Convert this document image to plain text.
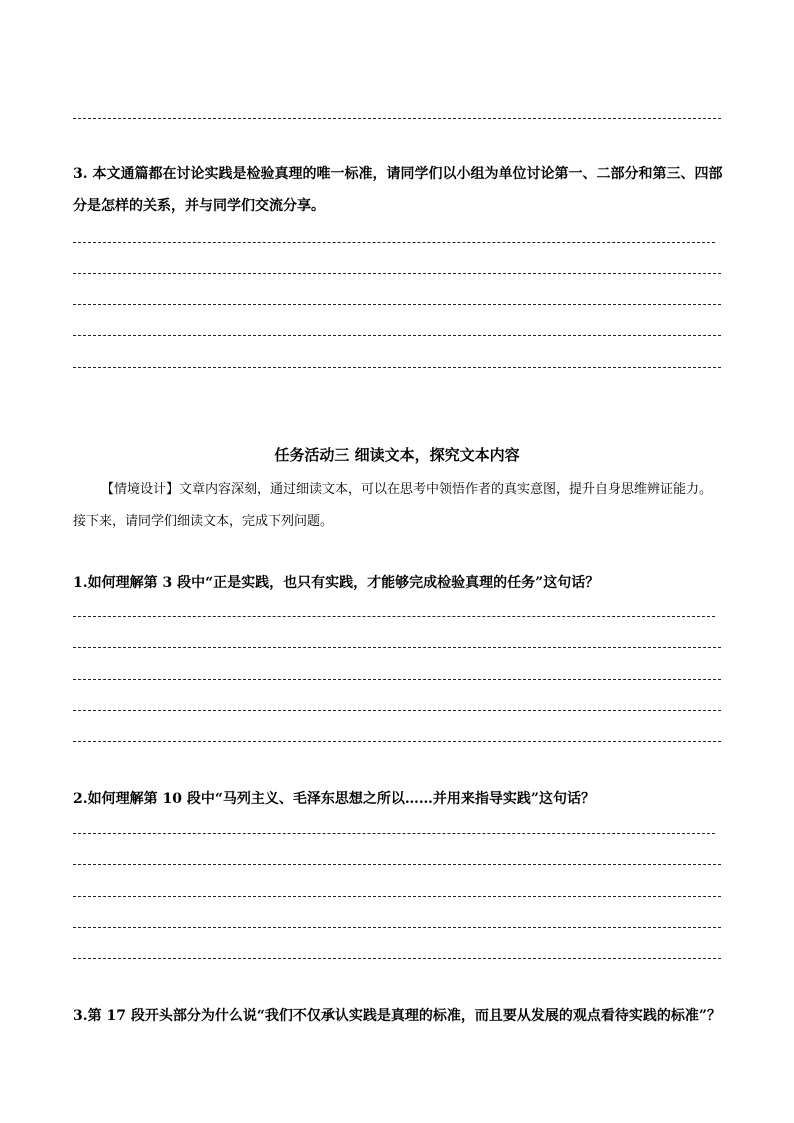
3. 本文通篇都在讨论实践是检验真理的唯一标准，请同学们以小组为单位讨论第一、二部分和第三、四部分是怎样的关系，并与同学们交流分享。
任务活动三 细读文本，探究文本内容
【情境设计】文章内容深刻，通过细读文本，可以在思考中领悟作者的真实意图，提升自身思维辨证能力。接下来，请同学们细读文本，完成下列问题。
1.如何理解第 3 段中“正是实践，也只有实践，才能够完成检验真理的任务”这句话？
2.如何理解第 10 段中“马列主义、毛泽东思想之所以……并用来指导实践”这句话？
3.第 17 段开头部分为什么说“我们不仅承认实践是真理的标准，而且要从发展的观点看待实践的标准”？
